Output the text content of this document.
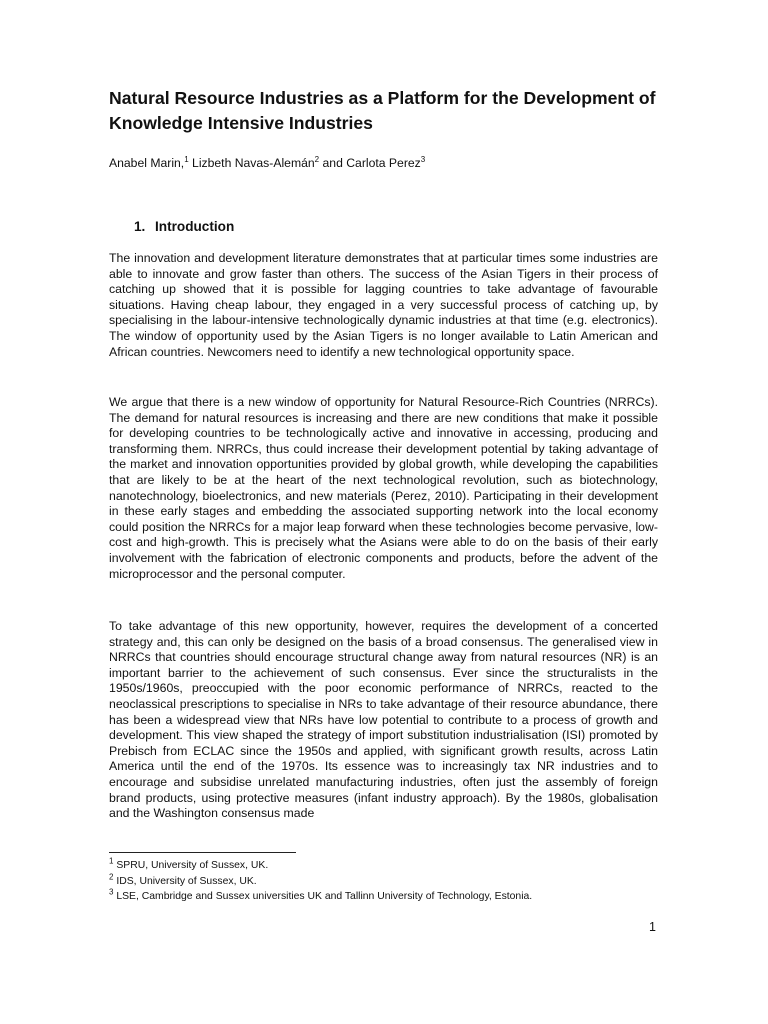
Natural Resource Industries as a Platform for the Development of Knowledge Intensive Industries

Anabel Marin,$^1$ Lizbeth Navas-Alemán$^2$ and Carlota Perez$^3$

1. Introduction

The innovation and development literature demonstrates that at particular times some industries are able to innovate and grow faster than others. The success of the Asian Tigers in their process of catching up showed that it is possible for lagging countries to take advantage of favourable situations. Having cheap labour, they engaged in a very successful process of catching up, by specialising in the labour-intensive technologically dynamic industries at that time (e.g. electronics). The window of opportunity used by the Asian Tigers is no longer available to Latin American and African countries. Newcomers need to identify a new technological opportunity space.

We argue that there is a new window of opportunity for Natural Resource-Rich Countries (NRRCs). The demand for natural resources is increasing and there are new conditions that make it possible for developing countries to be technologically active and innovative in accessing, producing and transforming them. NRRCs, thus could increase their development potential by taking advantage of the market and innovation opportunities provided by global growth, while developing the capabilities that are likely to be at the heart of the next technological revolution, such as biotechnology, nanotechnology, bioelectronics, and new materials (Perez, 2010). Participating in their development in these early stages and embedding the associated supporting network into the local economy could position the NRRCs for a major leap forward when these technologies become pervasive, low-cost and high-growth. This is precisely what the Asians were able to do on the basis of their early involvement with the fabrication of electronic components and products, before the advent of the microprocessor and the personal computer.

To take advantage of this new opportunity, however, requires the development of a concerted strategy and, this can only be designed on the basis of a broad consensus. The generalised view in NRRCs that countries should encourage structural change away from natural resources (NR) is an important barrier to the achievement of such consensus. Ever since the structuralists in the 1950s/1960s, preoccupied with the poor economic performance of NRRCs, reacted to the neoclassical prescriptions to specialise in NRs to take advantage of their resource abundance, there has been a widespread view that NRs have low potential to contribute to a process of growth and development. This view shaped the strategy of import substitution industrialisation (ISI) promoted by Prebisch from ECLAC since the 1950s and applied, with significant growth results, across Latin America until the end of the 1970s. Its essence was to increasingly tax NR industries and to encourage and subsidise unrelated manufacturing industries, often just the assembly of foreign brand products, using protective measures (infant industry approach). By the 1980s, globalisation and the Washington consensus made

$^1$ SPRU, University of Sussex, UK.
$^2$ IDS, University of Sussex, UK.
$^3$ LSE, Cambridge and Sussex universities UK and Tallinn University of Technology, Estonia.
1
